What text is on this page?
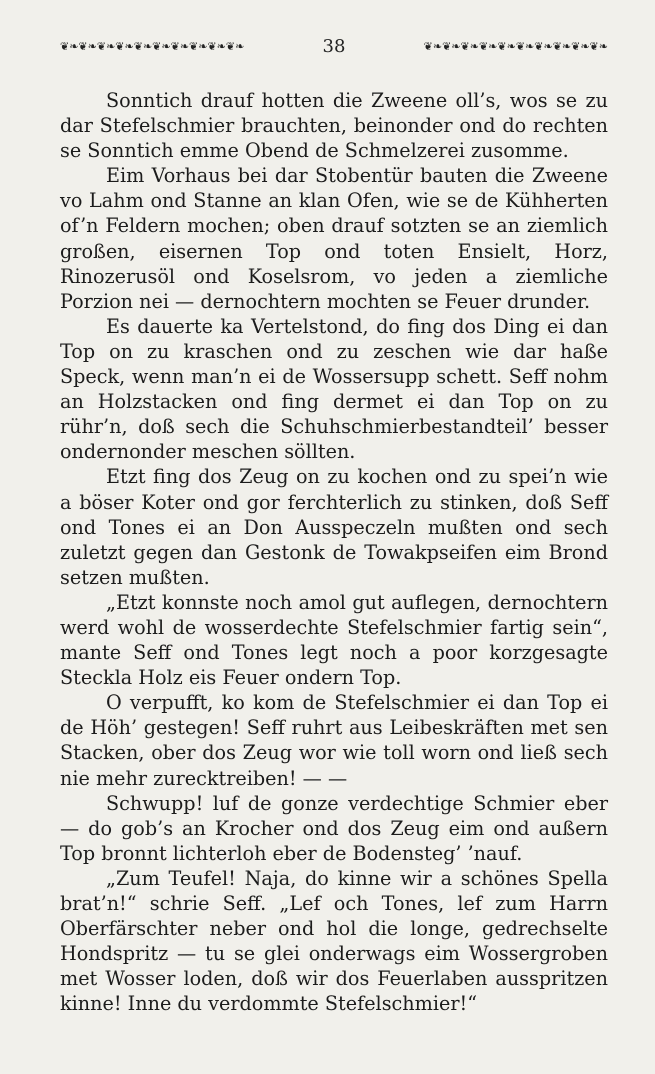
❦❧❦❧❦❧❦❧❦❧❦❧❦❧❦❧❦❧❦❧	38	❦❧❦❧❦❧❦❧❦❧❦❧❦❧❦❧❦❧❦❧

Sonntich drauf hotten die Zweene oll’s, wos se zu dar Stefelschmier brauchten, beinonder ond do rechten se Sonntich emme Obend de Schmelzerei zusomme.

Eim Vorhaus bei dar Stobentür bauten die Zweene vo Lahm ond Stanne an klan Ofen, wie se de Kühherten of’n Feldern mochen; oben drauf sotzten se an ziemlich großen, eisernen Top ond toten Ensielt, Horz, Rinozerusöl ond Koselsrom, vo jeden a ziemliche Porzion nei — dernochtern mochten se Feuer drunder.

Es dauerte ka Vertelstond, do fing dos Ding ei dan Top on zu kraschen ond zu zeschen wie dar haße Speck, wenn man’n ei de Wossersupp schett. Seff nohm an Holzstacken ond fing dermet ei dan Top on zu rühr’n, doß sech die Schuhschmierbestandteil’ besser ondernonder meschen söllten.

Etzt fing dos Zeug on zu kochen ond zu spei’n wie a böser Koter ond gor ferchterlich zu stinken, doß Seff ond Tones ei an Don Ausspeczeln mußten ond sech zuletzt gegen dan Gestonk de Towakpseifen eim Brond setzen mußten.

„Etzt konnste noch amol gut auflegen, dernochtern werd wohl de wosserdechte Stefelschmier fartig sein“, mante Seff ond Tones legt noch a poor korzgesagte Steckla Holz eis Feuer ondern Top.

O verpufft, ko kom de Stefelschmier ei dan Top ei de Höh’ gestegen! Seff ruhrt aus Leibeskräften met sen Stacken, ober dos Zeug wor wie toll worn ond ließ sech nie mehr zurecktreiben! — —

Schwupp! luf de gonze verdechtige Schmier eber — do gob’s an Krocher ond dos Zeug eim ond außern Top bronnt lichterloh eber de Bodensteg’ ’nauf.

„Zum Teufel! Naja, do kinne wir a schönes Spella brat’n!“ schrie Seff. „Lef och Tones, lef zum Harrn Oberfärschter neber ond hol die longe, gedrechselte Hondspritz — tu se glei onderwags eim Wossergroben met Wosser loden, doß wir dos Feuerlaben ausspritzen kinne! Inne du verdommte Stefelschmier!“
